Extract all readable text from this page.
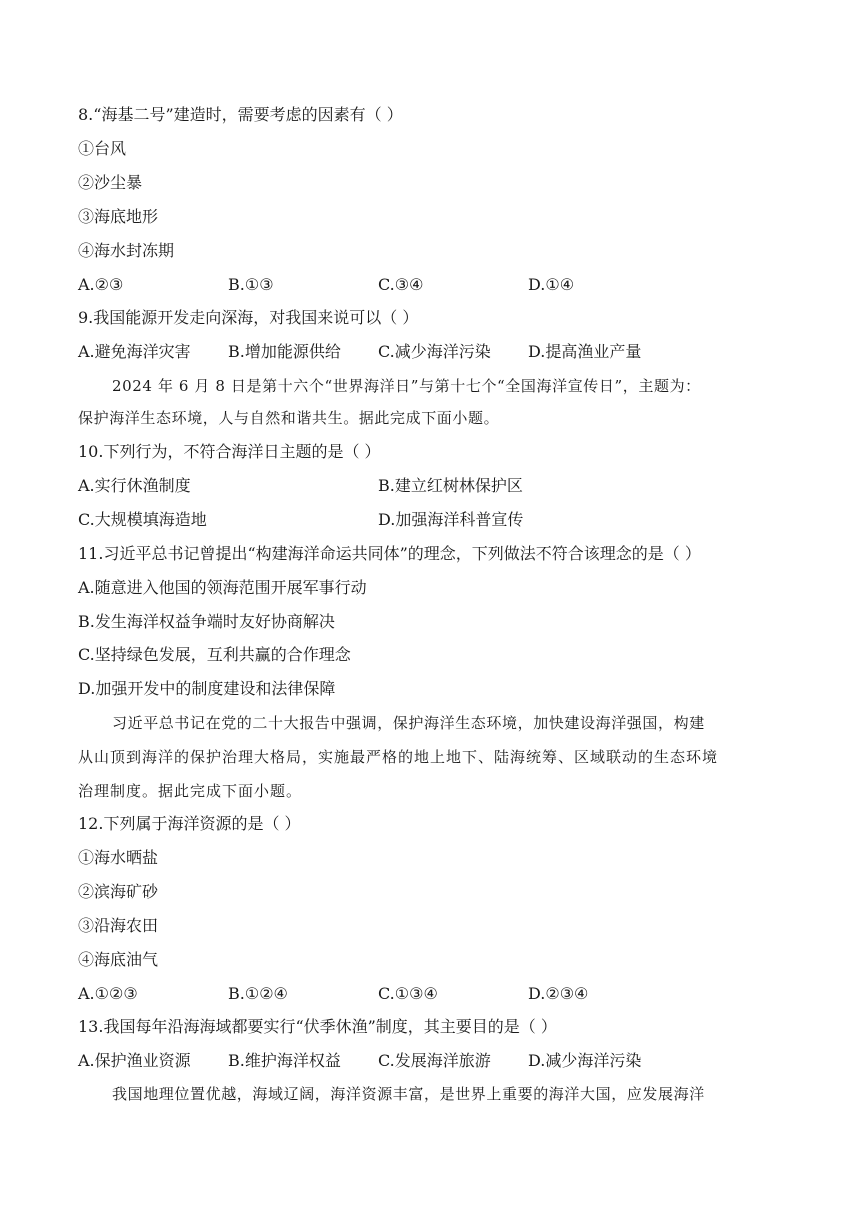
8.“海基二号”建造时，需要考虑的因素有（ ）
①台风
②沙尘暴
③海底地形
④海水封冻期
A.②③	B.①③	C.③④	D.①④
9.我国能源开发走向深海，对我国来说可以（ ）
A.避免海洋灾害 B.增加能源供给 C.减少海洋污染 D.提高渔业产量
2024 年 6 月 8 日是第十六个“世界海洋日”与第十七个“全国海洋宣传日”，主题为：
保护海洋生态环境，人与自然和谐共生。据此完成下面小题。
10.下列行为，不符合海洋日主题的是（ ）
A.实行休渔制度	B.建立红树林保护区
C.大规模填海造地	D.加强海洋科普宣传
11.习近平总书记曾提出“构建海洋命运共同体”的理念，下列做法不符合该理念的是（ ）
A.随意进入他国的领海范围开展军事行动
B.发生海洋权益争端时友好协商解决
C.坚持绿色发展，互利共赢的合作理念
D.加强开发中的制度建设和法律保障
习近平总书记在党的二十大报告中强调，保护海洋生态环境，加快建设海洋强国，构建
从山顶到海洋的保护治理大格局，实施最严格的地上地下、陆海统筹、区域联动的生态环境
治理制度。据此完成下面小题。
12.下列属于海洋资源的是（ ）
①海水晒盐
②滨海矿砂
③沿海农田
④海底油气
A.①②③	B.①②④	C.①③④	D.②③④
13.我国每年沿海海域都要实行“伏季休渔”制度，其主要目的是（ ）
A.保护渔业资源 B.维护海洋权益 C.发展海洋旅游 D.减少海洋污染
我国地理位置优越，海域辽阔，海洋资源丰富，是世界上重要的海洋大国，应发展海洋
